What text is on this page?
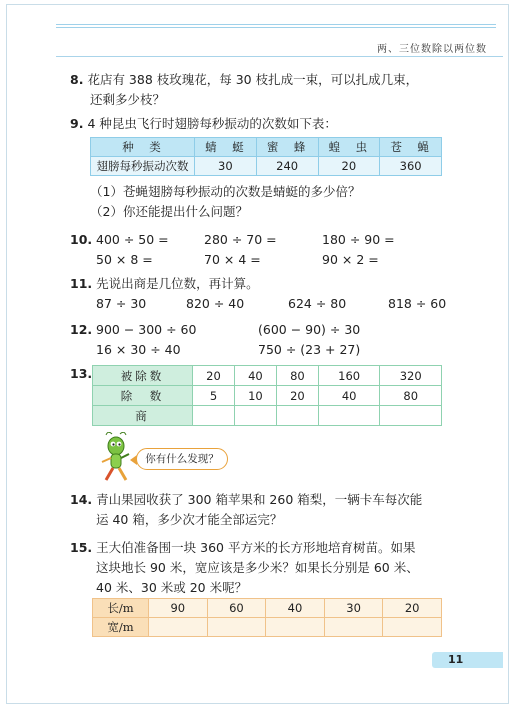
两、三位数除以两位数
8. 花店有 388 枝玫瑰花，每 30 枝扎成一束，可以扎成几束，
还剩多少枝？
9. 4 种昆虫飞行时翅膀每秒振动的次数如下表：
种　类	蜻　蜓	蜜　蜂	蝗　虫	苍　蝇
翅膀每秒振动次数	30	240	20	360
（1）苍蝇翅膀每秒振动的次数是蜻蜓的多少倍？
（2）你还能提出什么问题？
10. 400 ÷ 50 =	280 ÷ 70 =	180 ÷ 90 =
50 × 8 =	70 × 4 =	90 × 2 =
11. 先说出商是几位数，再计算。
87 ÷ 30	820 ÷ 40	624 ÷ 80	818 ÷ 60
12. 900 − 300 ÷ 60	(600 − 90) ÷ 30
16 × 30 ÷ 40	750 ÷ (23 + 27)
13. 被除数	20	40	80	160	320
除　数	5	10	20	40	80
商					
你有什么发现？
14. 青山果园收获了 300 箱苹果和 260 箱梨，一辆卡车每次能
运 40 箱，多少次才能全部运完？
15. 王大伯准备围一块 360 平方米的长方形地培育树苗。如果
这块地长 90 米，宽应该是多少米？如果长分别是 60 米、
40 米、30 米或 20 米呢？
长/m	90	60	40	30	20
宽/m					
11
